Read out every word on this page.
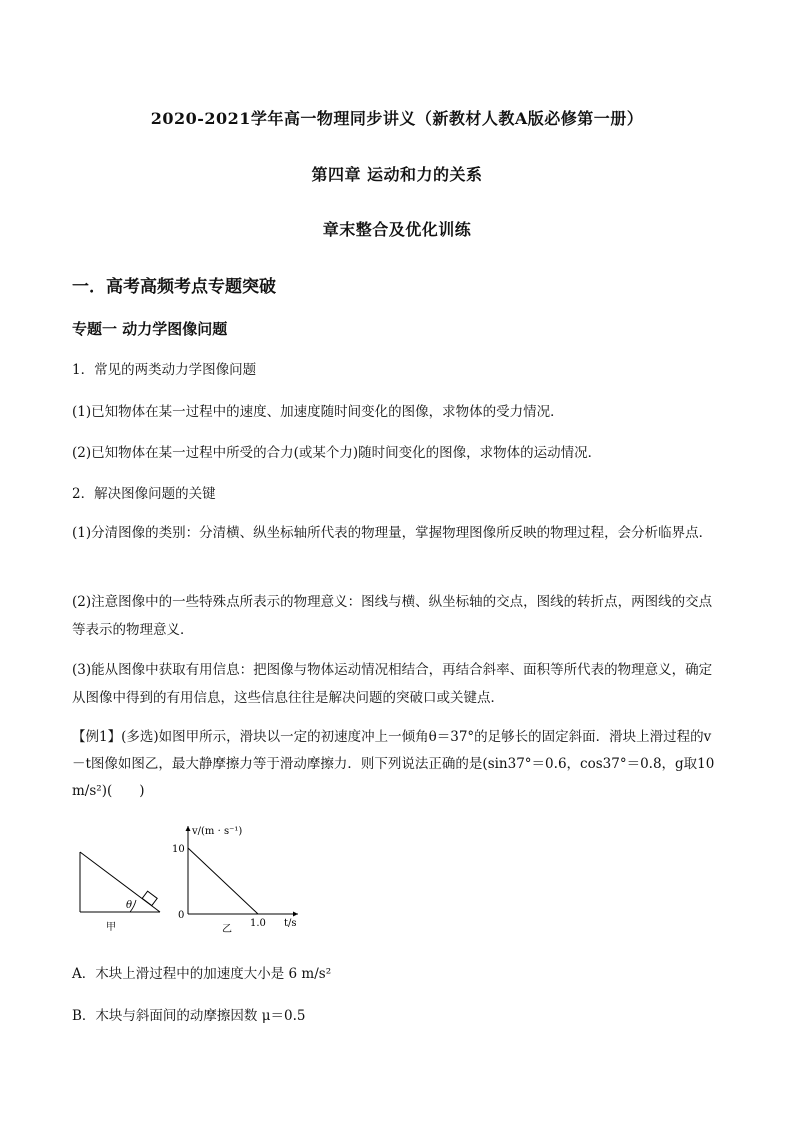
2020-2021学年高一物理同步讲义（新教材人教A版必修第一册）
第四章 运动和力的关系
章末整合及优化训练
一．高考高频考点专题突破
专题一 动力学图像问题
1．常见的两类动力学图像问题
(1)已知物体在某一过程中的速度、加速度随时间变化的图像，求物体的受力情况．
(2)已知物体在某一过程中所受的合力(或某个力)随时间变化的图像，求物体的运动情况．
2．解决图像问题的关键
(1)分清图像的类别：分清横、纵坐标轴所代表的物理量，掌握物理图像所反映的物理过程，会分析临界点．
(2)注意图像中的一些特殊点所表示的物理意义：图线与横、纵坐标轴的交点，图线的转折点，两图线的交点等表示的物理意义．
(3)能从图像中获取有用信息：把图像与物体运动情况相结合，再结合斜率、面积等所代表的物理意义，确定从图像中得到的有用信息，这些信息往往是解决问题的突破口或关键点．
【例1】(多选)如图甲所示，滑块以一定的初速度冲上一倾角θ＝37°的足够长的固定斜面．滑块上滑过程的v－t图像如图乙，最大静摩擦力等于滑动摩擦力．则下列说法正确的是(sin37°＝0.6，cos37°＝0.8，g取10 m/s²)(　　)
θ
甲
v/(m · s⁻¹)
t/s
10
0
1.0
乙
A．木块上滑过程中的加速度大小是 6 m/s²
B．木块与斜面间的动摩擦因数 μ＝0.5
